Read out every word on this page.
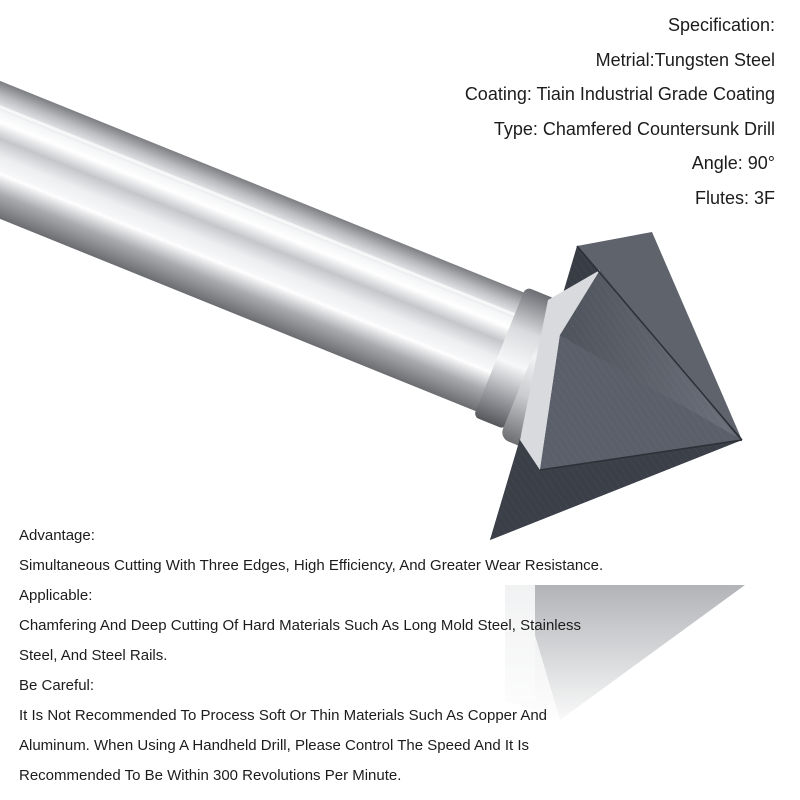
Specification:
Metrial:Tungsten Steel
Coating: Tiain Industrial Grade Coating
Type: Chamfered Countersunk Drill
Angle: 90°
Flutes: 3F
Advantage:
Simultaneous Cutting With Three Edges, High Efficiency, And Greater Wear Resistance.
Applicable:
Chamfering And Deep Cutting Of Hard Materials Such As Long Mold Steel, Stainless
Steel, And Steel Rails.
Be Careful:
It Is Not Recommended To Process Soft Or Thin Materials Such As Copper And
Aluminum. When Using A Handheld Drill, Please Control The Speed And It Is
Recommended To Be Within 300 Revolutions Per Minute.
